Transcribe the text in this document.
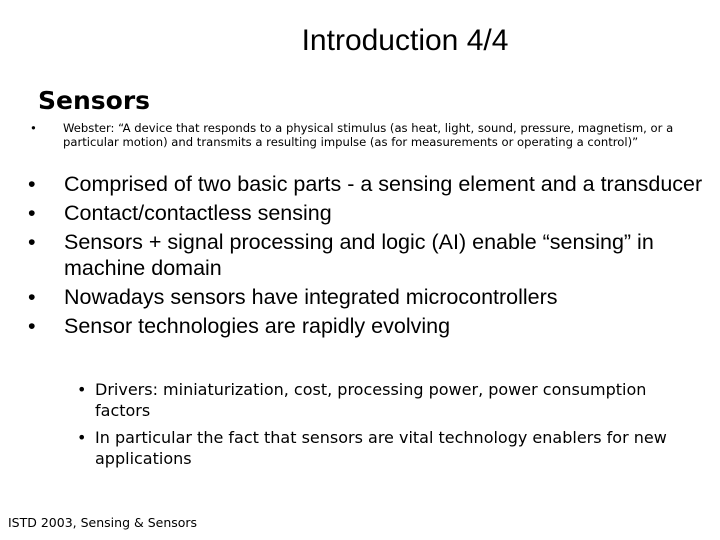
Introduction 4/4
Sensors
• Webster: “A device that responds to a physical stimulus (as heat, light, sound, pressure, magnetism, or a particular motion) and transmits a resulting impulse (as for measurements or operating a control)”
•	Comprised of two basic parts - a sensing element and a transducer
•	Contact/contactless sensing
•	Sensors + signal processing and logic (AI) enable “sensing” in machine domain
•	Nowadays sensors have integrated microcontrollers
•	Sensor technologies are rapidly evolving
• Drivers: miniaturization, cost, processing power, power consumption factors
• In particular the fact that sensors are vital technology enablers for new applications
ISTD 2003, Sensing & Sensors
